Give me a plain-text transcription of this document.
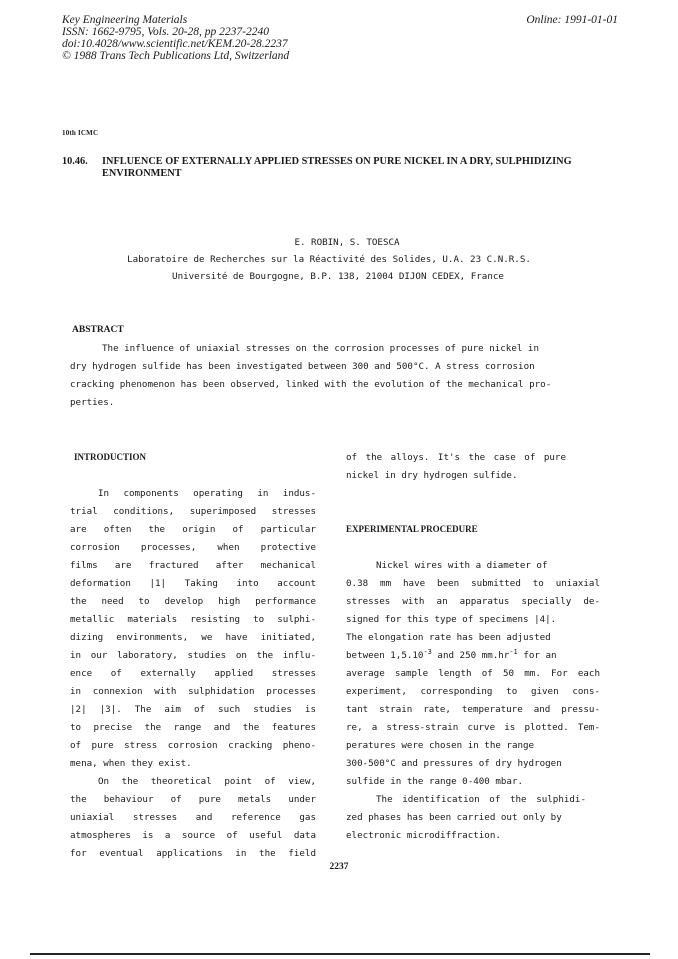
Key Engineering Materials
ISSN: 1662-9795, Vols. 20-28, pp 2237-2240
doi:10.4028/www.scientific.net/KEM.20-28.2237
© 1988 Trans Tech Publications Ltd, Switzerland
Online: 1991-01-01
10th ICMC
10.46. INFLUENCE OF EXTERNALLY APPLIED STRESSES ON PURE NICKEL IN A DRY, SULPHIDIZING
ENVIRONMENT
E. ROBIN, S. TOESCA
Laboratoire de Recherches sur la Réactivité des Solides, U.A. 23 C.N.R.S.
Université de Bourgogne, B.P. 138, 21004 DIJON CEDEX, France
ABSTRACT
The influence of uniaxial stresses on the corrosion processes of pure nickel in
dry hydrogen sulfide has been investigated between 300 and 500°C. A stress corrosion
cracking phenomenon has been observed, linked with the evolution of the mechanical pro-
perties.
INTRODUCTION
In components operating in indus-
trial conditions, superimposed stresses
are often the origin of particular
corrosion processes, when protective
films are fractured after mechanical
deformation |1| Taking into account
the need to develop high performance
metallic materials resisting to sulphi-
dizing environments, we have initiated,
in our laboratory, studies on the influ-
ence of externally applied stresses
in connexion with sulphidation processes
|2| |3|. The aim of such studies is
to precise the range and the features
of pure stress corrosion cracking pheno-
mena, when they exist.
On the theoretical point of view,
the behaviour of pure metals under
uniaxial stresses and reference gas
atmospheres is a source of useful data
for eventual applications in the field
of the alloys. It's the case of pure
nickel in dry hydrogen sulfide.
EXPERIMENTAL PROCEDURE
Nickel wires with a diameter of
0.38 mm have been submitted to uniaxial
stresses with an apparatus specially de-
signed for this type of specimens |4|.
The elongation rate has been adjusted
between $1,5.10^{-3}$ and 250 $mm.hr^{-1}$ for an
average sample length of 50 mm. For each
experiment, corresponding to given cons-
tant strain rate, temperature and pressu-
re, a stress-strain curve is plotted. Tem-
peratures were chosen in the range
300-500°C and pressures of dry hydrogen
sulfide in the range 0-400 mbar.
The identification of the sulphidi-
zed phases has been carried out only by
electronic microdiffraction.
2237
